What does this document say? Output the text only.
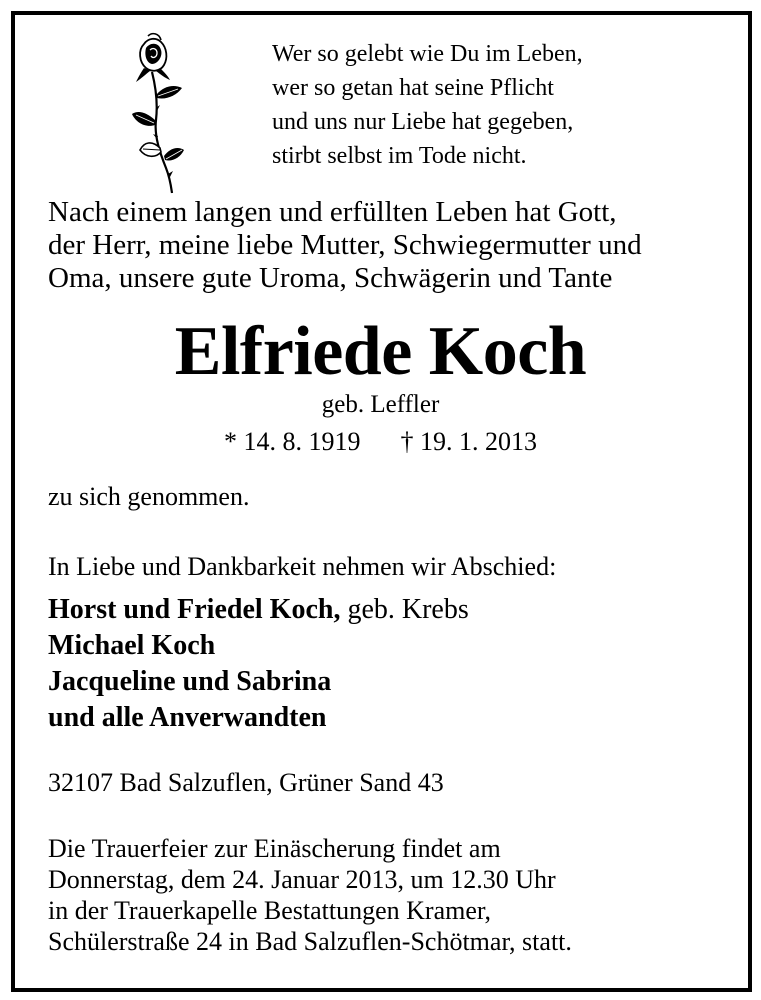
Wer so gelebt wie Du im Leben,
wer so getan hat seine Pflicht
und uns nur Liebe hat gegeben,
stirbt selbst im Tode nicht.
Nach einem langen und erfüllten Leben hat Gott,
der Herr, meine liebe Mutter, Schwiegermutter und
Oma, unsere gute Uroma, Schwägerin und Tante
Elfriede Koch
geb. Leffler
* 14. 8. 1919 † 19. 1. 2013
zu sich genommen.
In Liebe und Dankbarkeit nehmen wir Abschied:
Horst und Friedel Koch, geb. Krebs
Michael Koch
Jacqueline und Sabrina
und alle Anverwandten
32107 Bad Salzuflen, Grüner Sand 43
Die Trauerfeier zur Einäscherung findet am
Donnerstag, dem 24. Januar 2013, um 12.30 Uhr
in der Trauerkapelle Bestattungen Kramer,
Schülerstraße 24 in Bad Salzuflen-Schötmar, statt.
